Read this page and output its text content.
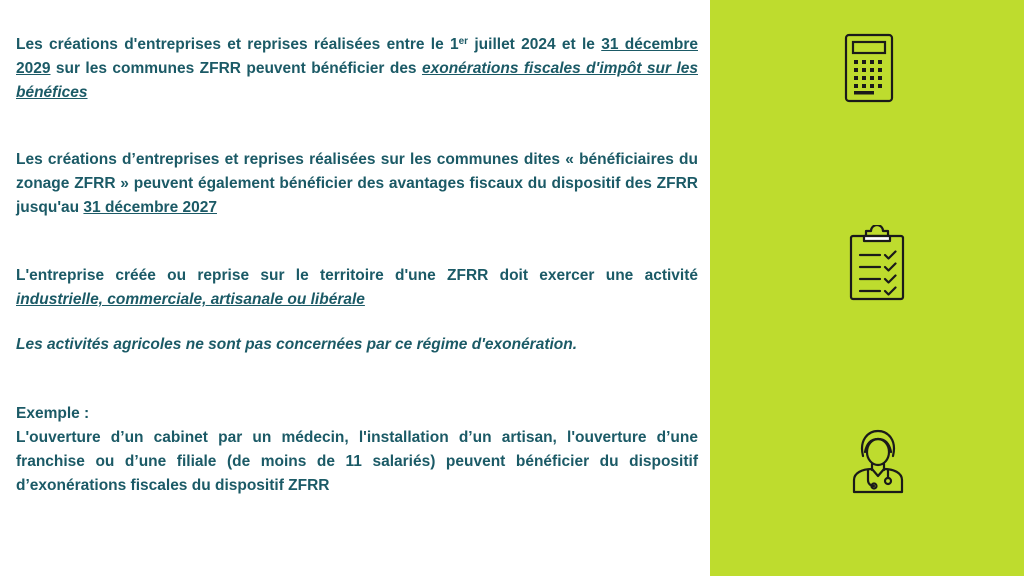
Les créations d'entreprises et reprises réalisées entre le 1er juillet 2024 et le 31 décembre 2029 sur les communes ZFRR peuvent bénéficier des exonérations fiscales d'impôt sur les bénéfices

Les créations d’entreprises et reprises réalisées sur les communes dites « bénéficiaires du zonage ZFRR » peuvent également bénéficier des avantages fiscaux du dispositif des ZFRR jusqu'au 31 décembre 2027

L'entreprise créée ou reprise sur le territoire d'une ZFRR doit exercer une activité industrielle, commerciale, artisanale ou libérale

Les activités agricoles ne sont pas concernées par ce régime d'exonération.

Exemple :
L'ouverture d’un cabinet par un médecin, l'installation d’un artisan, l'ouverture d’une franchise ou d’une filiale (de moins de 11 salariés) peuvent bénéficier du dispositif d’exonérations fiscales du dispositif ZFRR
